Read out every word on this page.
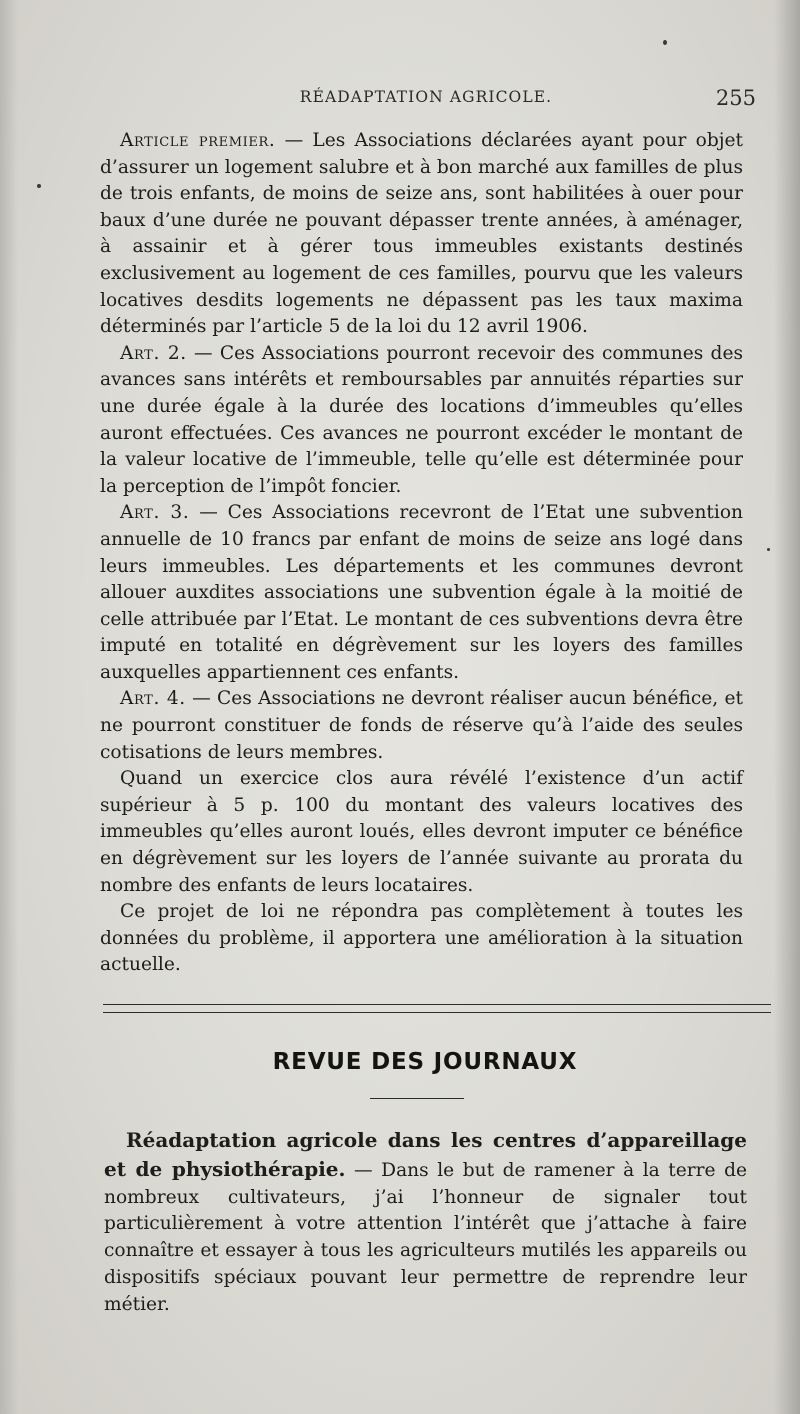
RÉADAPTATION AGRICOLE.	255

Article premier. — Les Associations déclarées ayant pour objet d’assurer un logement salubre et à bon marché aux familles de plus de trois enfants, de moins de seize ans, sont habilitées à ouer pour baux d’une durée ne pouvant dépasser trente années, à aménager, à assainir et à gérer tous immeubles existants destinés exclusivement au logement de ces familles, pourvu que les valeurs locatives desdits logements ne dépassent pas les taux maxima déterminés par l’article 5 de la loi du 12 avril 1906.

Art. 2. — Ces Associations pourront recevoir des communes des avances sans intérêts et remboursables par annuités réparties sur une durée égale à la durée des locations d’immeubles qu’elles auront effectuées. Ces avances ne pourront excéder le montant de la valeur locative de l’immeuble, telle qu’elle est déterminée pour la perception de l’impôt foncier.

Art. 3. — Ces Associations recevront de l’Etat une subvention annuelle de 10 francs par enfant de moins de seize ans logé dans leurs immeubles. Les départements et les communes devront allouer auxdites associations une subvention égale à la moitié de celle attribuée par l’Etat. Le montant de ces subventions devra être imputé en totalité en dégrèvement sur les loyers des familles auxquelles appartiennent ces enfants.

Art. 4. — Ces Associations ne devront réaliser aucun bénéfice, et ne pourront constituer de fonds de réserve qu’à l’aide des seules cotisations de leurs membres.

Quand un exercice clos aura révélé l’existence d’un actif supérieur à 5 p. 100 du montant des valeurs locatives des immeubles qu’elles auront loués, elles devront imputer ce bénéfice en dégrèvement sur les loyers de l’année suivante au prorata du nombre des enfants de leurs locataires.

Ce projet de loi ne répondra pas complètement à toutes les données du problème, il apportera une amélioration à la situation actuelle.

REVUE DES JOURNAUX

Réadaptation agricole dans les centres d’appareillage et de physiothérapie. — Dans le but de ramener à la terre de nombreux cultivateurs, j’ai l’honneur de signaler tout particulièrement à votre attention l’intérêt que j’attache à faire connaître et essayer à tous les agriculteurs mutilés les appareils ou dispositifs spéciaux pouvant leur permettre de reprendre leur métier.
